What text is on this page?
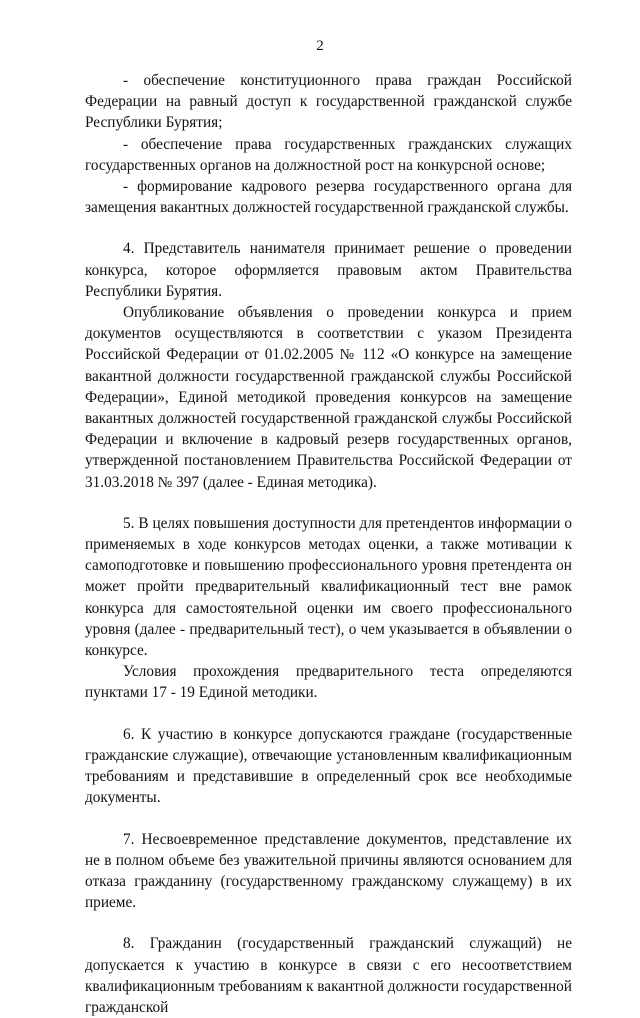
2

- обеспечение конституционного права граждан Российской Федерации на равный доступ к государственной гражданской службе Республики Бурятия;

- обеспечение права государственных гражданских служащих государственных органов на должностной рост на конкурсной основе;

- формирование кадрового резерва государственного органа для замещения вакантных должностей государственной гражданской службы.

4. Представитель нанимателя принимает решение о проведении конкурса, которое оформляется правовым актом Правительства Республики Бурятия.

Опубликование объявления о проведении конкурса и прием документов осуществляются в соответствии с указом Президента Российской Федерации от 01.02.2005 № 112 «О конкурсе на замещение вакантной должности государственной гражданской службы Российской Федерации», Единой методикой проведения конкурсов на замещение вакантных должностей государственной гражданской службы Российской Федерации и включение в кадровый резерв государственных органов, утвержденной постановлением Правительства Российской Федерации от 31.03.2018 № 397 (далее - Единая методика).

5. В целях повышения доступности для претендентов информации о применяемых в ходе конкурсов методах оценки, а также мотивации к самоподготовке и повышению профессионального уровня претендента он может пройти предварительный квалификационный тест вне рамок конкурса для самостоятельной оценки им своего профессионального уровня (далее - предварительный тест), о чем указывается в объявлении о конкурсе.

Условия прохождения предварительного теста определяются пунктами 17 - 19 Единой методики.

6. К участию в конкурсе допускаются граждане (государственные гражданские служащие), отвечающие установленным квалификационным требованиям и представившие в определенный срок все необходимые документы.

7. Несвоевременное представление документов, представление их не в полном объеме без уважительной причины являются основанием для отказа гражданину (государственному гражданскому служащему) в их приеме.

8. Гражданин (государственный гражданский служащий) не допускается к участию в конкурсе в связи с его несоответствием квалификационным требованиям к вакантной должности государственной гражданской
